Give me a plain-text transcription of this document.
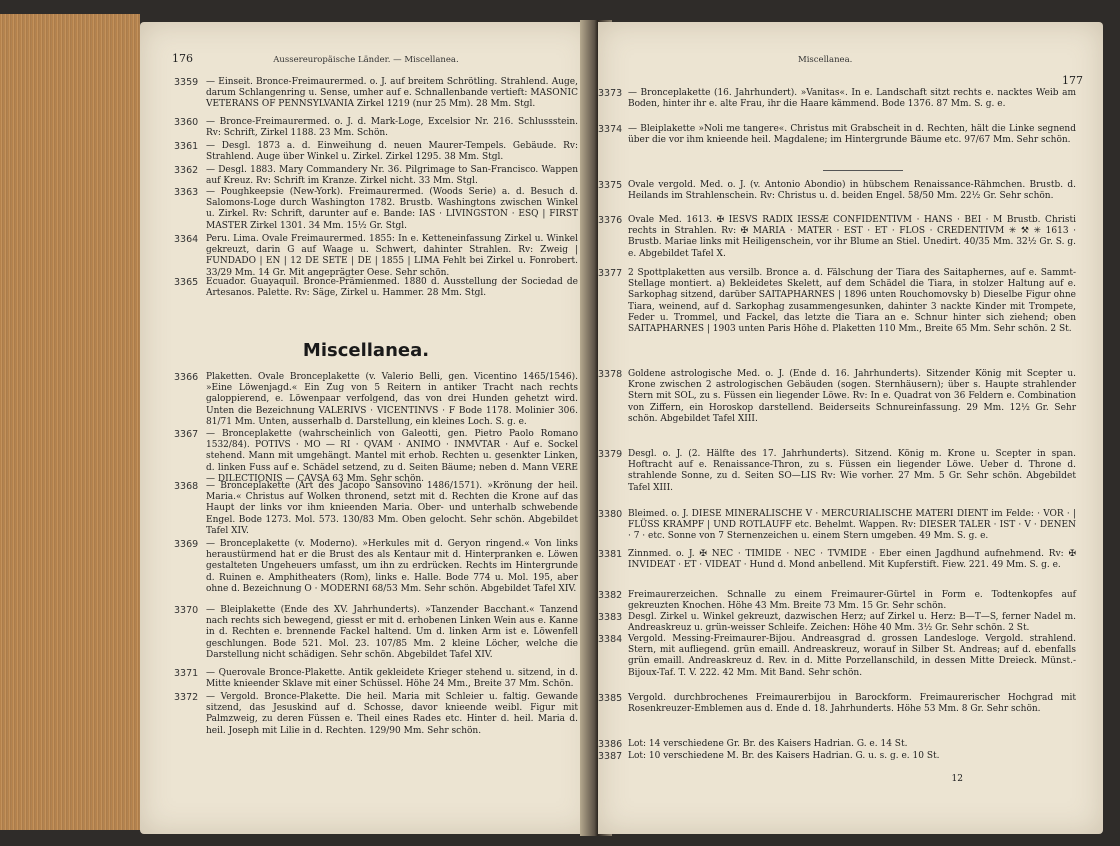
176	Aussereuropäische Länder. — Miscellanea.
3359 — Einseit. Bronce-Freimaurermed. o. J. auf breitem Schrötling. Strahlend. Auge, darum Schlangenring u. Sense, umher auf e. Schnallenbande vertieft: MASONIC VETERANS OF PENNSYLVANIA Zirkel 1219 (nur 25 Mm). 28 Mm. Stgl.
3360 — Bronce-Freimaurermed. o. J. d. Mark-Loge, Excelsior Nr. 216. Schlussstein. Rv: Schrift, Zirkel 1188. 23 Mm. Schön.
3361 — Desgl. 1873 a. d. Einweihung d. neuen Maurer-Tempels. Gebäude. Rv: Strahlend. Auge über Winkel u. Zirkel. Zirkel 1295. 38 Mm. Stgl.
3362 — Desgl. 1883. Mary Commandery Nr. 36. Pilgrimage to San-Francisco. Wappen auf Kreuz. Rv: Schrift im Kranze. Zirkel nicht. 33 Mm. Stgl.
3363 — Poughkeepsie (New-York). Freimaurermed. (Woods Serie) a. d. Besuch d. Salomons-Loge durch Washington 1782. Brustb. Washingtons zwischen Winkel u. Zirkel. Rv: Schrift, darunter auf e. Bande: IAS · LIVINGSTON · ESQ | FIRST MASTER Zirkel 1301. 34 Mm. 15½ Gr. Stgl.
3364 Peru. Lima. Ovale Freimaurermed. 1855: In e. Ketteneinfassung Zirkel u. Winkel gekreuzt, darin G auf Waage u. Schwert, dahinter Strahlen. Rv: Zweig | FUNDADO | EN | 12 DE SETE | DE | 1855 | LIMA Fehlt bei Zirkel u. Fonrobert. 33/29 Mm. 14 Gr. Mit angeprägter Oese. Sehr schön.
3365 Ecuador. Guayaquil. Bronce-Prämienmed. 1880 d. Ausstellung der Sociedad de Artesanos. Palette. Rv: Säge, Zirkel u. Hammer. 28 Mm. Stgl.
Miscellanea.
3366 Plaketten. Ovale Bronceplakette (v. Valerio Belli, gen. Vicentino 1465/1546). »Eine Löwenjagd.« Ein Zug von 5 Reitern in antiker Tracht nach rechts galoppierend, e. Löwenpaar verfolgend, das von drei Hunden gehetzt wird. Unten die Bezeichnung VALERIVS · VICENTINVS · F Bode 1178. Molinier 306. 81/71 Mm. Unten, ausserhalb d. Darstellung, ein kleines Loch. S. g. e.
3367 — Bronceplakette (wahrscheinlich von Galeotti, gen. Pietro Paolo Romano 1532/84). POTIVS · MO — RI · QVAM · ANIMO · INMVTAR · Auf e. Sockel stehend. Mann mit umgehängt. Mantel mit erhob. Rechten u. gesenkter Linken, d. linken Fuss auf e. Schädel setzend, zu d. Seiten Bäume; neben d. Mann VERE — DILECTIONIS — CAVSA 63 Mm. Sehr schön.
3368 — Bronceplakette (Art des Jacopo Sansovino 1486/1571). »Krönung der heil. Maria.« Christus auf Wolken thronend, setzt mit d. Rechten die Krone auf das Haupt der links vor ihm knieenden Maria. Ober- und unterhalb schwebende Engel. Bode 1273. Mol. 573. 130/83 Mm. Oben gelocht. Sehr schön. Abgebildet Tafel XIV.
3369 — Bronceplakette (v. Moderno). »Herkules mit d. Geryon ringend.« Von links heraustürmend hat er die Brust des als Kentaur mit d. Hinterpranken e. Löwen gestalteten Ungeheuers umfasst, um ihn zu erdrücken. Rechts im Hintergrunde d. Ruinen e. Amphitheaters (Rom), links e. Halle. Bode 774 u. Mol. 195, aber ohne d. Bezeichnung O · MODERNI 68/53 Mm. Sehr schön. Abgebildet Tafel XIV.
3370 — Bleiplakette (Ende des XV. Jahrhunderts). »Tanzender Bacchant.« Tanzend nach rechts sich bewegend, giesst er mit d. erhobenen Linken Wein aus e. Kanne in d. Rechten e. brennende Fackel haltend. Um d. linken Arm ist e. Löwenfell geschlungen. Bode 521. Mol. 23. 107/85 Mm. 2 kleine Löcher, welche die Darstellung nicht schädigen. Sehr schön. Abgebildet Tafel XIV.
3371 — Querovale Bronce-Plakette. Antik gekleidete Krieger stehend u. sitzend, in d. Mitte knieender Sklave mit einer Schüssel. Höhe 24 Mm., Breite 37 Mm. Schön.
3372 — Vergold. Bronce-Plakette. Die heil. Maria mit Schleier u. faltig. Gewande sitzend, das Jesuskind auf d. Schosse, davor knieende weibl. Figur mit Palmzweig, zu deren Füssen e. Theil eines Rades etc. Hinter d. heil. Maria d. heil. Joseph mit Lilie in d. Rechten. 129/90 Mm. Sehr schön.
Miscellanea.
177
3373 — Bronceplakette (16. Jahrhundert). »Vanitas«. In e. Landschaft sitzt rechts e. nacktes Weib am Boden, hinter ihr e. alte Frau, ihr die Haare kämmend. Bode 1376. 87 Mm. S. g. e.
3374 — Bleiplakette »Noli me tangere«. Christus mit Grabscheit in d. Rechten, hält die Linke segnend über die vor ihm knieende heil. Magdalene; im Hintergrunde Bäume etc. 97/67 Mm. Sehr schön.
3375 Ovale vergold. Med. o. J. (v. Antonio Abondio) in hübschem Renaissance-Rähmchen. Brustb. d. Heilands im Strahlenschein. Rv: Christus u. d. beiden Engel. 58/50 Mm. 22½ Gr. Sehr schön.
3376 Ovale Med. 1613. ✠ IESVS RADIX IESSÆ CONFIDENTIVM · HANS · BEI · M Brustb. Christi rechts in Strahlen. Rv: ✠ MARIA · MATER · EST · ET · FLOS · CREDENTIVM ✳ ⚒ ✳ 1613 · Brustb. Mariae links mit Heiligenschein, vor ihr Blume an Stiel. Unedirt. 40/35 Mm. 32½ Gr. S. g. e. Abgebildet Tafel X.
3377 2 Spottplaketten aus versilb. Bronce a. d. Fälschung der Tiara des Saitaphernes, auf e. Sammt-Stellage montiert. a) Bekleidetes Skelett, auf dem Schädel die Tiara, in stolzer Haltung auf e. Sarkophag sitzend, darüber SAITAPHARNES | 1896 unten Rouchomovsky b) Dieselbe Figur ohne Tiara, weinend, auf d. Sarkophag zusammengesunken, dahinter 3 nackte Kinder mit Trompete, Feder u. Trommel, und Fackel, das letzte die Tiara an e. Schnur hinter sich ziehend; oben SAITAPHARNES | 1903 unten Paris Höhe d. Plaketten 110 Mm., Breite 65 Mm. Sehr schön. 2 St.
3378 Goldene astrologische Med. o. J. (Ende d. 16. Jahrhunderts). Sitzender König mit Scepter u. Krone zwischen 2 astrologischen Gebäuden (sogen. Sternhäusern); über s. Haupte strahlender Stern mit SOL, zu s. Füssen ein liegender Löwe. Rv: In e. Quadrat von 36 Feldern e. Combination von Ziffern, ein Horoskop darstellend. Beiderseits Schnureinfassung. 29 Mm. 12½ Gr. Sehr schön. Abgebildet Tafel XIII.
3379 Desgl. o. J. (2. Hälfte des 17. Jahrhunderts). Sitzend. König m. Krone u. Scepter in span. Hoftracht auf e. Renaissance-Thron, zu s. Füssen ein liegender Löwe. Ueber d. Throne d. strahlende Sonne, zu d. Seiten SO—LIS Rv: Wie vorher. 27 Mm. 5 Gr. Sehr schön. Abgebildet Tafel XIII.
3380 Bleimed. o. J. DIESE MINERALISCHE V · MERCURIALISCHE MATERI DIENT im Felde: · VOR · | FLÜSS KRAMPF | UND ROTLAUFF etc. Behelmt. Wappen. Rv: DIESER TALER · IST · V · DENEN · 7 · etc. Sonne von 7 Sternenzeichen u. einem Stern umgeben. 49 Mm. S. g. e.
3381 Zinnmed. o. J. ✠ NEC · TIMIDE · NEC · TVMIDE · Eber einen Jagdhund aufnehmend. Rv: ✠ INVIDEAT · ET · VIDEAT · Hund d. Mond anbellend. Mit Kupferstift. Fiew. 221. 49 Mm. S. g. e.
3382 Freimaurerzeichen. Schnalle zu einem Freimaurer-Gürtel in Form e. Todtenkopfes auf gekreuzten Knochen. Höhe 43 Mm. Breite 73 Mm. 15 Gr. Sehr schön.
3383 Desgl. Zirkel u. Winkel gekreuzt, dazwischen Herz; auf Zirkel u. Herz: B—T—S, ferner Nadel m. Andreaskreuz u. grün-weisser Schleife. Zeichen: Höhe 40 Mm. 3½ Gr. Sehr schön. 2 St.
3384 Vergold. Messing-Freimaurer-Bijou. Andreasgrad d. grossen Landesloge. Vergold. strahlend. Stern, mit aufliegend. grün emaill. Andreaskreuz, worauf in Silber St. Andreas; auf d. ebenfalls grün emaill. Andreaskreuz d. Rev. in d. Mitte Porzellanschild, in dessen Mitte Dreieck. Münst.-Bijoux-Taf. T. V. 222. 42 Mm. Mit Band. Sehr schön.
3385 Vergold. durchbrochenes Freimaurerbijou in Barockform. Freimaurerischer Hochgrad mit Rosenkreuzer-Emblemen aus d. Ende d. 18. Jahrhunderts. Höhe 53 Mm. 8 Gr. Sehr schön.
3386 Lot: 14 verschiedene Gr. Br. des Kaisers Hadrian. G. e. 14 St.
3387 Lot: 10 verschiedene M. Br. des Kaisers Hadrian. G. u. s. g. e. 10 St.
12
